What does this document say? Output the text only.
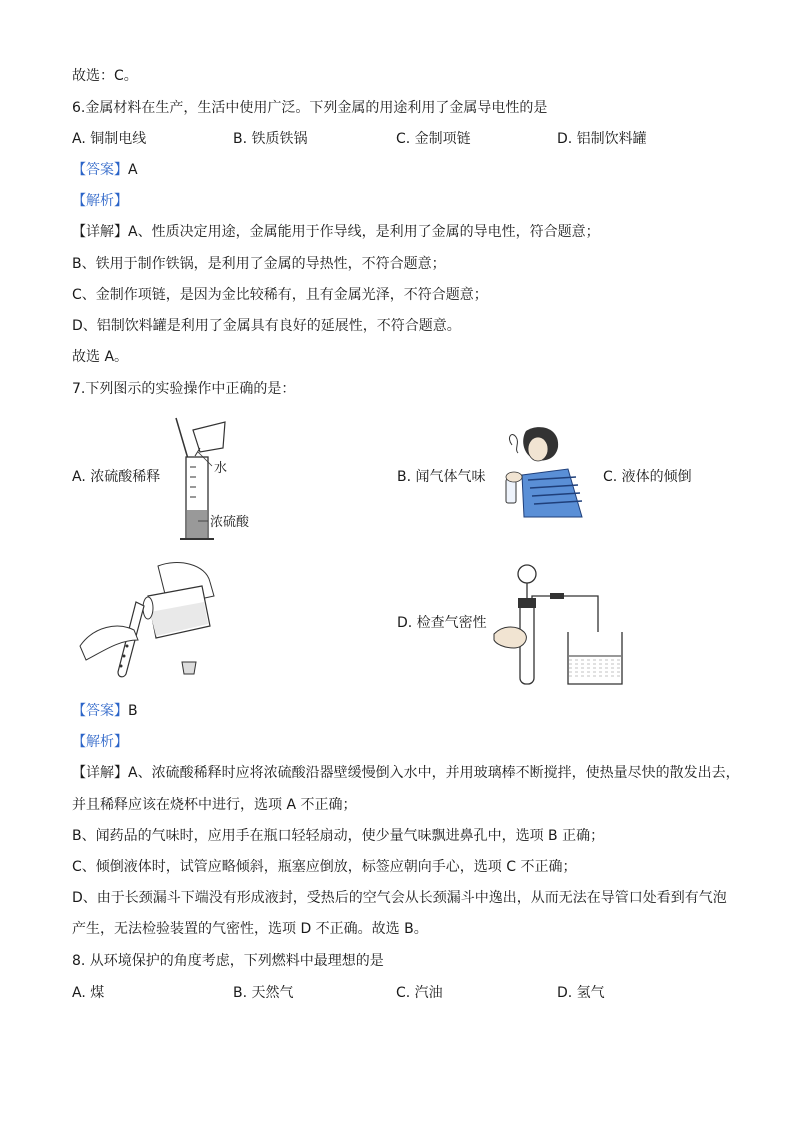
故选：C。
6.金属材料在生产，生活中使用广泛。下列金属的用途利用了金属导电性的是
A. 铜制电线	B. 铁质铁锅	C. 金制项链	D. 铝制饮料罐
【答案】A
【解析】
【详解】A、性质决定用途，金属能用于作导线，是利用了金属的导电性，符合题意；
B、铁用于制作铁锅，是利用了金属的导热性，不符合题意；
C、金制作项链，是因为金比较稀有，且有金属光泽，不符合题意；
D、铝制饮料罐是利用了金属具有良好的延展性，不符合题意。
故选 A。
7.下列图示的实验操作中正确的是：
A. 浓硫酸稀释
水
浓硫酸
B. 闻气体气味	C. 液体的倾倒
D. 检查气密性
【答案】B
【解析】
【详解】A、浓硫酸稀释时应将浓硫酸沿器壁缓慢倒入水中，并用玻璃棒不断搅拌，使热量尽快的散发出去，
并且稀释应该在烧杯中进行，选项 A 不正确；
B、闻药品的气味时，应用手在瓶口轻轻扇动，使少量气味飘进鼻孔中，选项 B 正确；
C、倾倒液体时，试管应略倾斜，瓶塞应倒放，标签应朝向手心，选项 C 不正确；
D、由于长颈漏斗下端没有形成液封，受热后的空气会从长颈漏斗中逸出，从而无法在导管口处看到有气泡
产生，无法检验装置的气密性，选项 D 不正确。故选 B。
8. 从环境保护的角度考虑，下列燃料中最理想的是
A. 煤	B. 天然气	C. 汽油	D. 氢气
